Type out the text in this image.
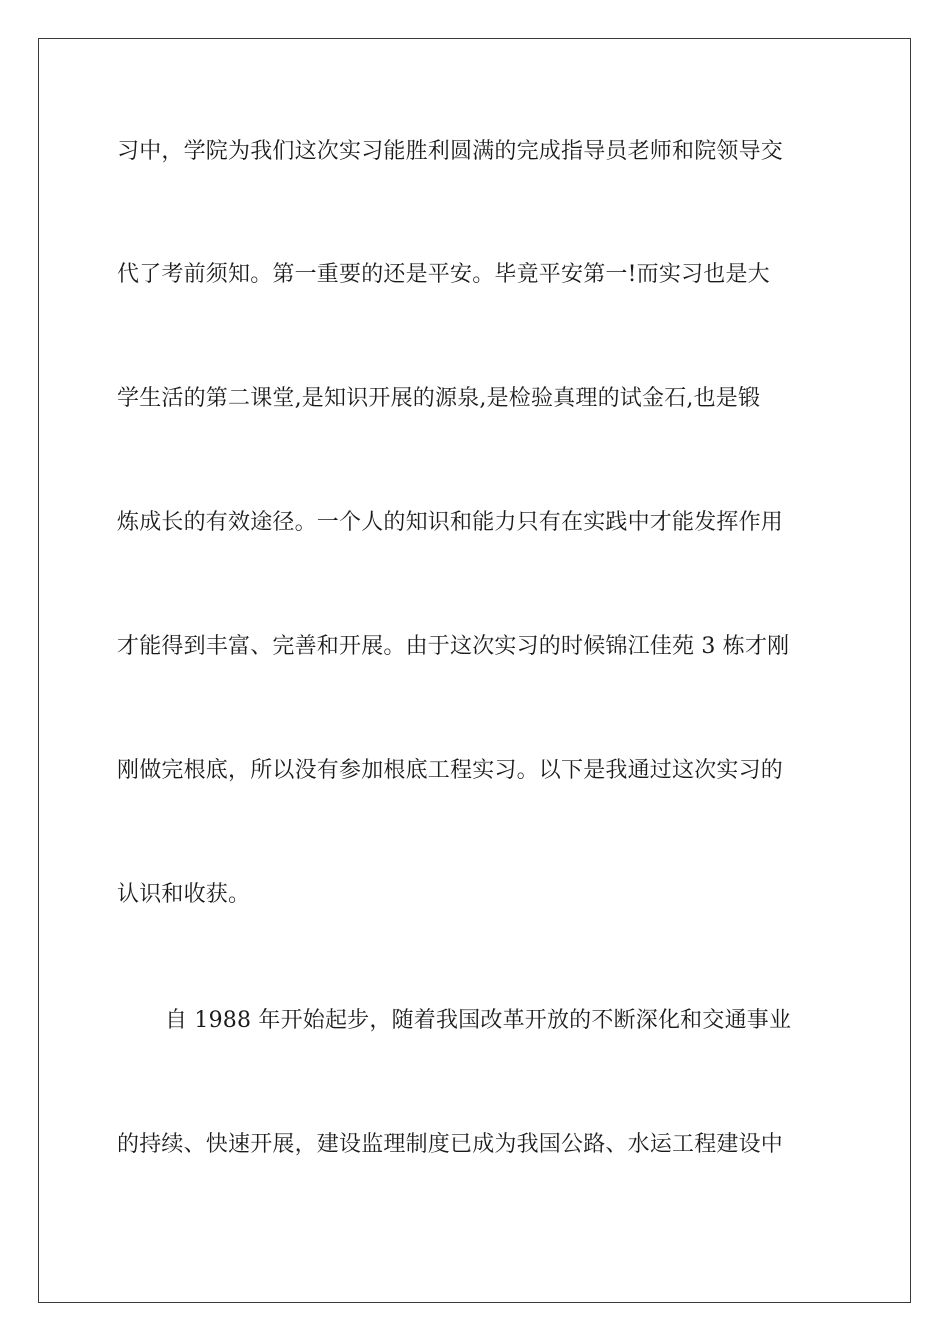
习中，学院为我们这次实习能胜利圆满的完成指导员老师和院领导交
代了考前须知。第一重要的还是平安。毕竟平安第一!而实习也是大
学生活的第二课堂,是知识开展的源泉,是检验真理的试金石,也是锻
炼成长的有效途径。一个人的知识和能力只有在实践中才能发挥作用
才能得到丰富、完善和开展。由于这次实习的时候锦江佳苑 3 栋才刚
刚做完根底，所以没有参加根底工程实习。以下是我通过这次实习的
认识和收获。
自 1988 年开始起步，随着我国改革开放的不断深化和交通事业
的持续、快速开展，建设监理制度已成为我国公路、水运工程建设中
